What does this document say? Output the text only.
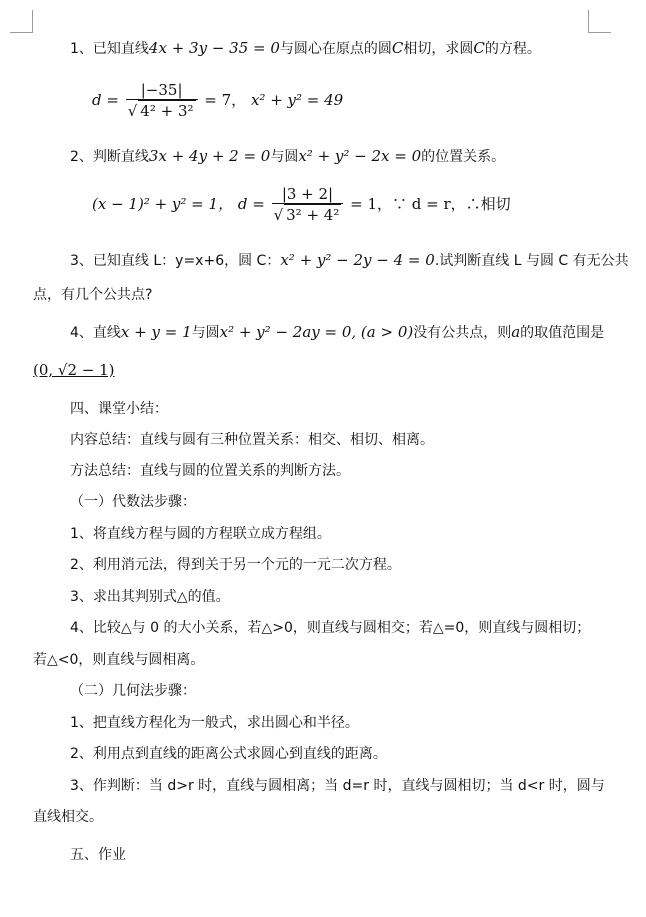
1、已知直线4x + 3y − 35 = 0与圆心在原点的圆C相切，求圆C的方程。
$d = \frac{|-35|}{\text{√ 4² + 3²}} = 7$， x² + y² = 49
2、判断直线3x + 4y + 2 = 0与圆x² + y² − 2x = 0的位置关系。
(x − 1)² + y² = 1， $d = \frac{|3 + 2|}{\text{√ 3² + 4²}} = 1$，∵ d = r，∴相切
3、已知直线 L：y=x+6，圆 C：x² + y² − 2y − 4 = 0.试判断直线 L 与圆 C 有无公共
点，有几个公共点?
4、直线x + y = 1与圆x² + y² − 2ay = 0, (a > 0)没有公共点，则a的取值范围是
(0, √2 − 1)
四、课堂小结：
内容总结：直线与圆有三种位置关系：相交、相切、相离。
方法总结：直线与圆的位置关系的判断方法。
（一）代数法步骤：
1、将直线方程与圆的方程联立成方程组。
2、利用消元法，得到关于另一个元的一元二次方程。
3、求出其判别式△的值。
4、比较△与 0 的大小关系，若△>0，则直线与圆相交；若△=0，则直线与圆相切；
若△<0，则直线与圆相离。
（二）几何法步骤：
1、把直线方程化为一般式，求出圆心和半径。
2、利用点到直线的距离公式求圆心到直线的距离。
3、作判断：当 d>r 时，直线与圆相离；当 d=r 时，直线与圆相切；当 d<r 时，圆与
直线相交。
五、作业
